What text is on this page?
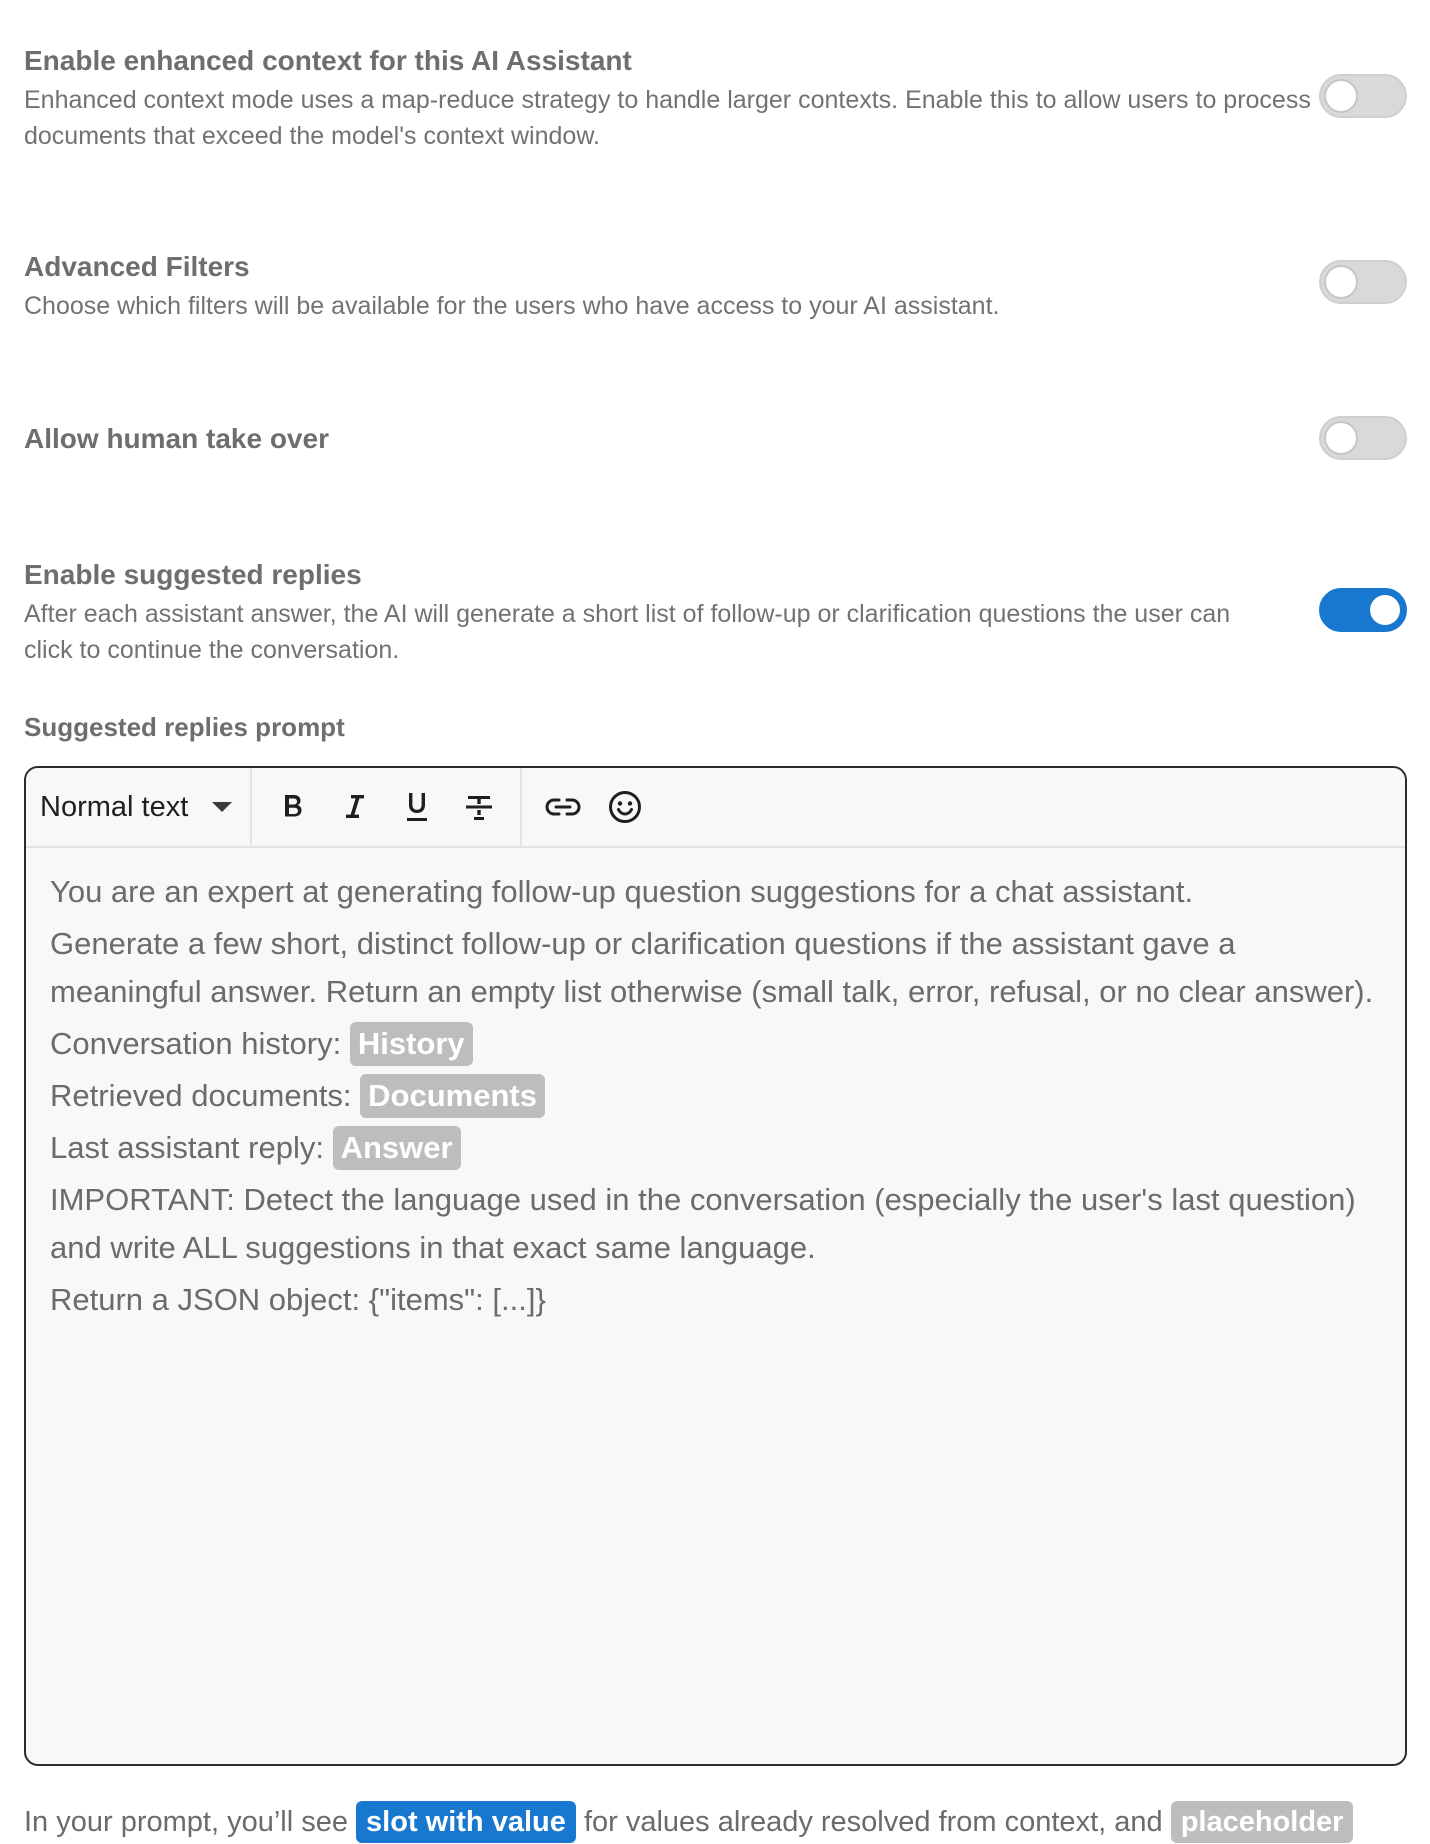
Enable enhanced context for this AI Assistant
Enhanced context mode uses a map-reduce strategy to handle larger contexts. Enable this to allow users to process documents that exceed the model's context window.
Advanced Filters
Choose which filters will be available for the users who have access to your AI assistant.
Allow human take over
Enable suggested replies
After each assistant answer, the AI will generate a short list of follow-up or clarification questions the user can click to continue the conversation.
Suggested replies prompt
Normal text

You are an expert at generating follow-up question suggestions for a chat assistant.

Generate a few short, distinct follow-up or clarification questions if the assistant gave a meaningful answer. Return an empty list otherwise (small talk, error, refusal, or no clear answer).

Conversation history: History

Retrieved documents: Documents

Last assistant reply: Answer

IMPORTANT: Detect the language used in the conversation (especially the user's last question) and write ALL suggestions in that exact same language.

Return a JSON object: {"items": [...]}

In your prompt, you’ll see slot with value for values already resolved from context, and placeholder
